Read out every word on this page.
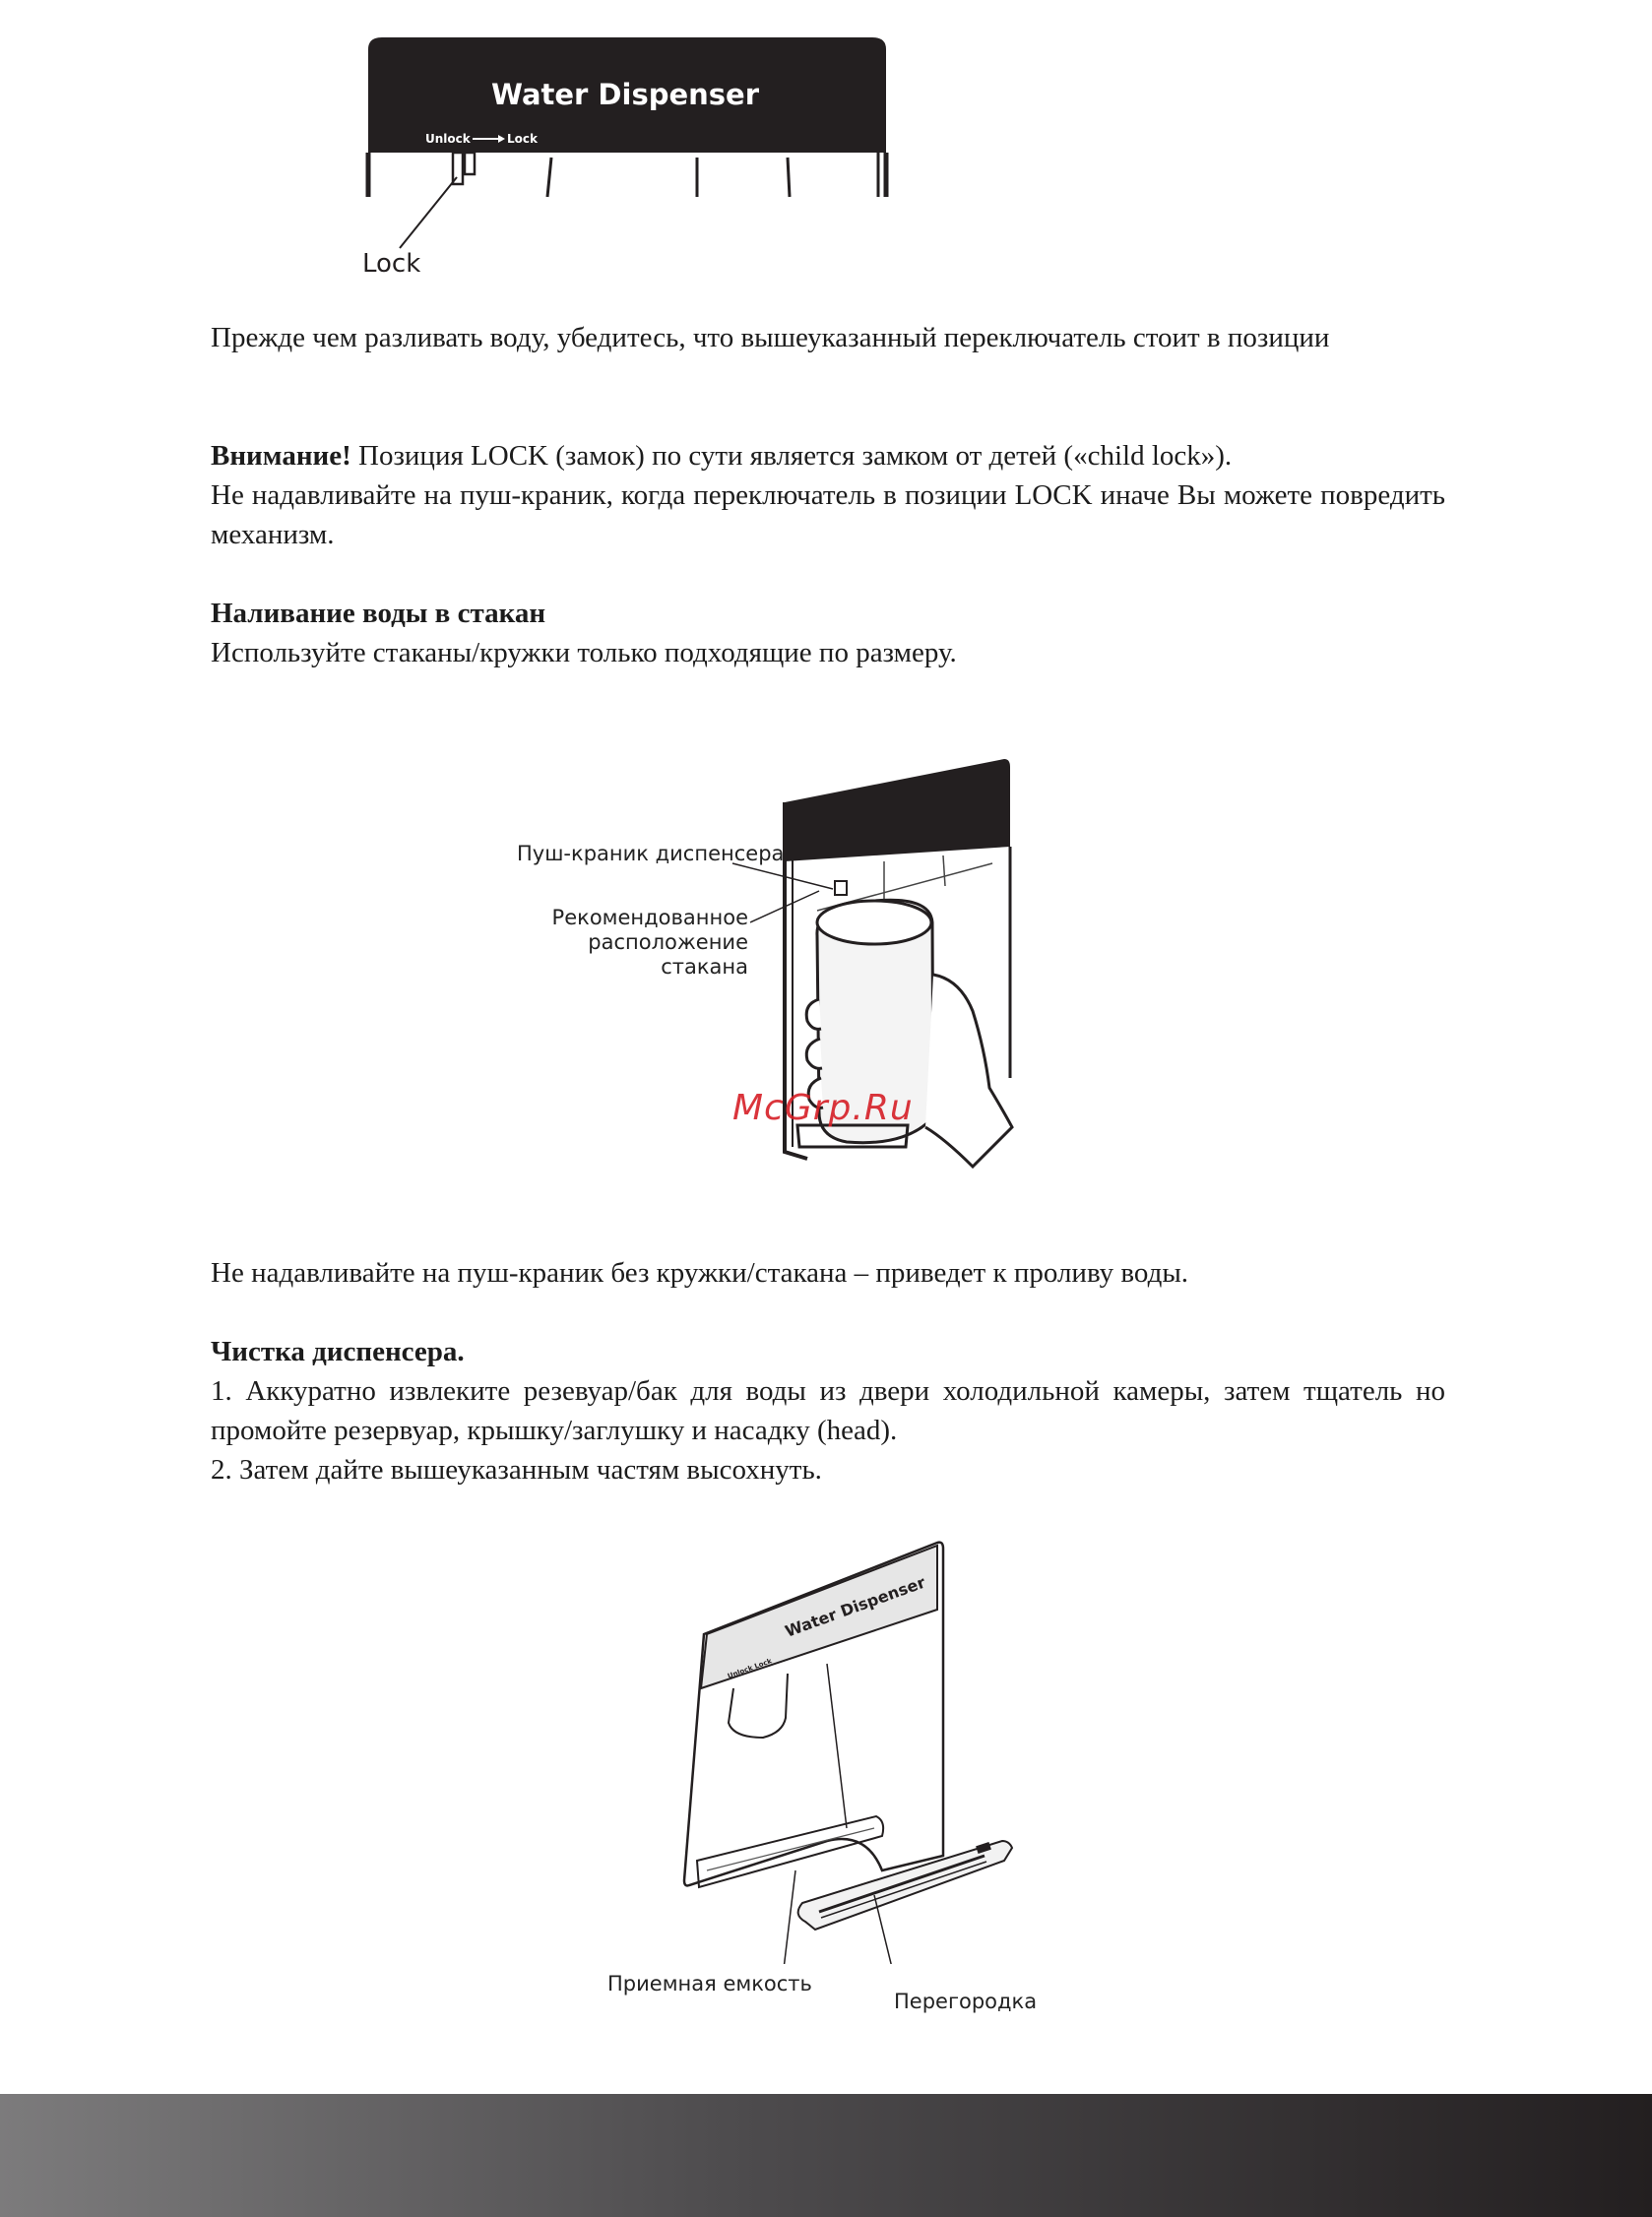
Water Dispenser
Unlock	Lock
Lock

Прежде чем разливать воду, убедитесь, что вышеуказанный переключатель стоит в позиции

Внимание! Позиция LOCK (замок) по сути является замком от детей («child lock»).
Не надавливайте на пуш-краник, когда переключатель в позиции LOCK иначе Вы можете повредить механизм.

Наливание воды в стакан

Используйте стаканы/кружки только подходящие по размеру.

Пуш-краник диспенсера
Рекомендованное
расположение
стакана
McGrp.Ru

Не надавливайте на пуш-краник без кружки/стакана – приведет к проливу воды.

Чистка диспенсера.

1. Аккуратно извлеките резевуар/бак для воды из двери холодильной камеры, затем тщатель но промойте резервуар, крышку/заглушку и насадку (head).

2. Затем дайте вышеуказанным частям высохнуть.

Water Dispenser
Unlock Lock
Приемная емкость
Перегородка
